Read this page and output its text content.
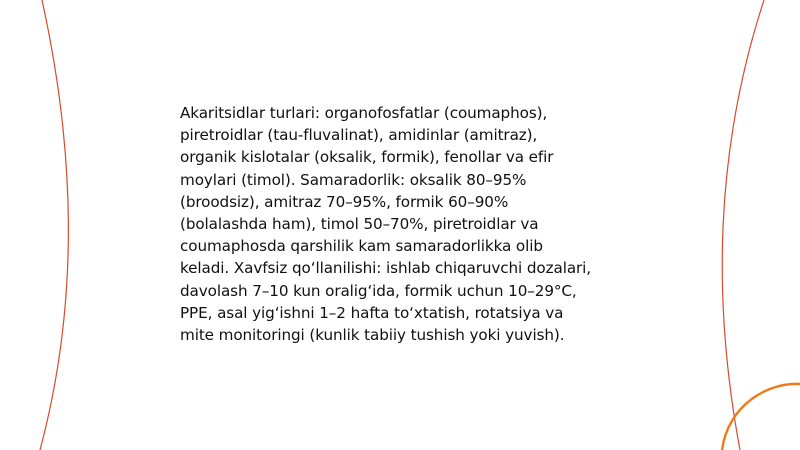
Akaritsidlar turlari: organofosfatlar (coumaphos),
piretroidlar (tau-fluvalinat), amidinlar (amitraz),
organik kislotalar (oksalik, formik), fenollar va efir
moylari (timol). Samaradorlik: oksalik 80–95%
(broodsiz), amitraz 70–95%, formik 60–90%
(bolalashda ham), timol 50–70%, piretroidlar va
coumaphosda qarshilik kam samaradorlikka olib
keladi. Xavfsiz qo‘llanilishi: ishlab chiqaruvchi dozalari,
davolash 7–10 kun oralig‘ida, formik uchun 10–29°C,
PPE, asal yig‘ishni 1–2 hafta to‘xtatish, rotatsiya va
mite monitoringi (kunlik tabiiy tushish yoki yuvish).
